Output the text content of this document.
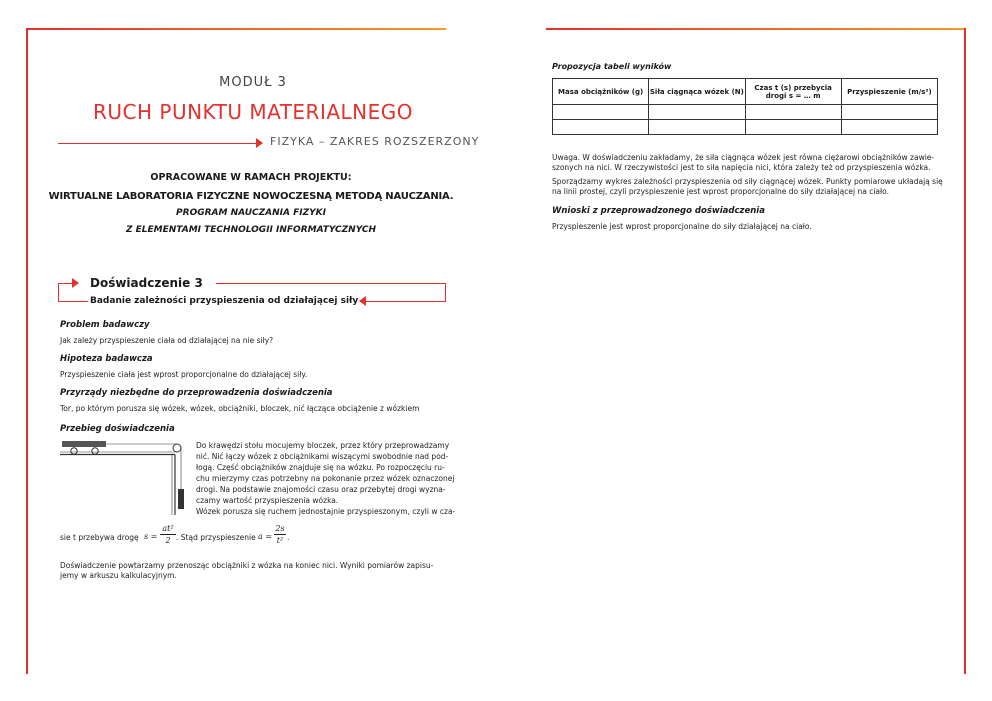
MODUŁ 3
RUCH PUNKTU MATERIALNEGO
FIZYKA – ZAKRES ROZSZERZONY
OPRACOWANE W RAMACH PROJEKTU:
WIRTUALNE LABORATORIA FIZYCZNE NOWOCZESNĄ METODĄ NAUCZANIA.
PROGRAM NAUCZANIA FIZYKI
Z ELEMENTAMI TECHNOLOGII INFORMATYCZNYCH
Doświadczenie 3
Badanie zależności przyspieszenia od działającej siły
Problem badawczy
Jak zależy przyspieszenie ciała od działającej na nie siły?
Hipoteza badawcza
Przyspieszenie ciała jest wprost proporcjonalne do działającej siły.
Przyrządy niezbędne do przeprowadzenia doświadczenia
Tor, po którym porusza się wózek, wózek, obciążniki, bloczek, nić łącząca obciążenie z wózkiem
Przebieg doświadczenia
Do krawędzi stołu mocujemy bloczek, przez który przeprowadzamy
nić. Nić łączy wózek z obciążnikami wiszącymi swobodnie nad pod-
łogą. Część obciążników znajduje się na wózku. Po rozpoczęciu ru-
chu mierzymy czas potrzebny na pokonanie przez wózek oznaczonej
drogi. Na podstawie znajomości czasu oraz przebytej drogi wyzna-
czamy wartość przyspieszenia wózka.
Wózek porusza się ruchem jednostajnie przyspieszonym, czyli w cza-
sie t przebywa drogę $s = \frac{\text{at²}}{2}$ . Stąd przyspieszenie $a = \frac{2s}{\text{t²}}$ .
Doświadczenie powtarzamy przenosząc obciążniki z wózka na koniec nici. Wyniki pomiarów zapisu-
jemy w arkuszu kalkulacyjnym.
Propozycja tabeli wyników
Masa obciążników (g)	Siła ciągnąca wózek (N)	Czas t (s) przebycia drogi s = … m	Przyspieszenie (m/s²)

Uwaga. W doświadczeniu zakładamy, że siła ciągnąca wózek jest równa ciężarowi obciążników zawie-
szonych na nici. W rzeczywistości jest to siła napięcia nici, która zależy też od przyspieszenia wózka.
Sporządzamy wykres zależności przyspieszenia od siły ciągnącej wózek. Punkty pomiarowe układają się
na linii prostej, czyli przyspieszenie jest wprost proporcjonalne do siły działającej na ciało.
Wnioski z przeprowadzonego doświadczenia
Przyspieszenie jest wprost proporcjonalne do siły działającej na ciało.
